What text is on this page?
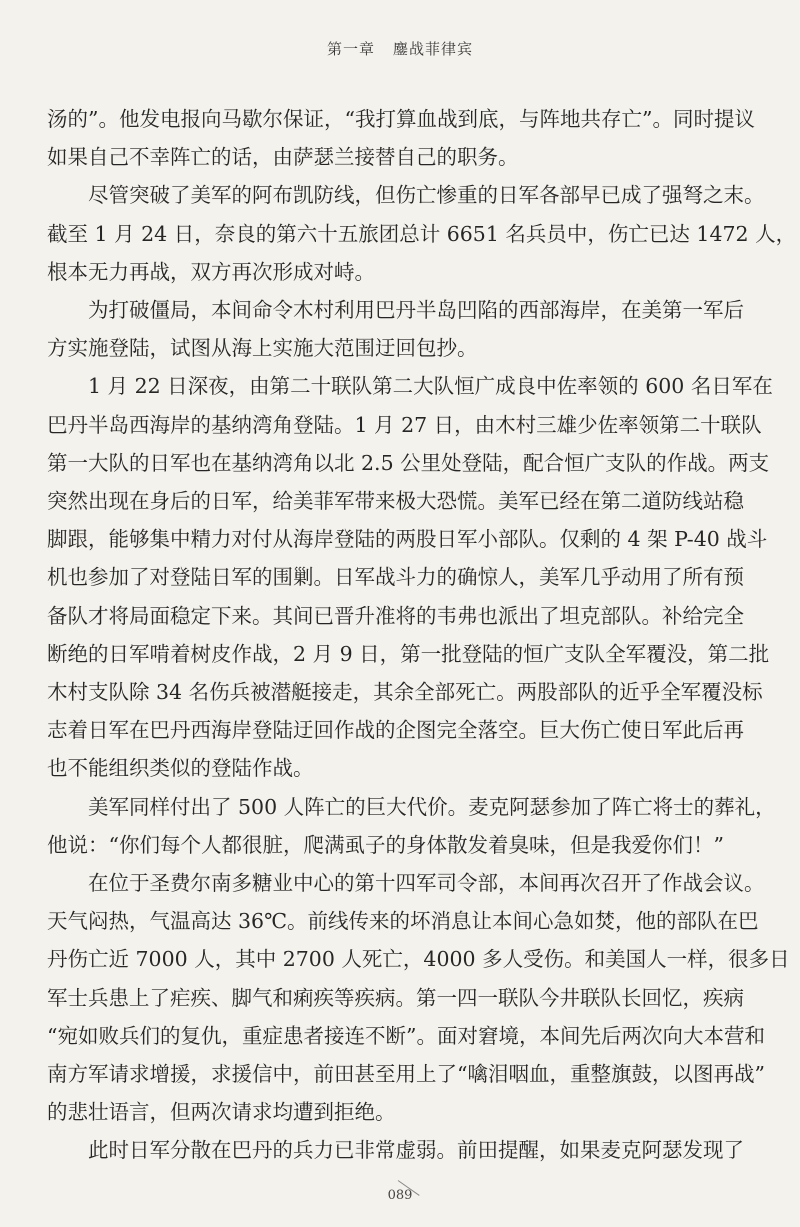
第一章 鏖战菲律宾
汤的”。他发电报向马歇尔保证，“我打算血战到底，与阵地共存亡”。同时提议
如果自己不幸阵亡的话，由萨瑟兰接替自己的职务。
尽管突破了美军的阿布凯防线，但伤亡惨重的日军各部早已成了强弩之末。
截至 1 月 24 日，奈良的第六十五旅团总计 6651 名兵员中，伤亡已达 1472 人，
根本无力再战，双方再次形成对峙。
为打破僵局，本间命令木村利用巴丹半岛凹陷的西部海岸，在美第一军后
方实施登陆，试图从海上实施大范围迂回包抄。
1 月 22 日深夜，由第二十联队第二大队恒广成良中佐率领的 600 名日军在
巴丹半岛西海岸的基纳湾角登陆。1 月 27 日，由木村三雄少佐率领第二十联队
第一大队的日军也在基纳湾角以北 2.5 公里处登陆，配合恒广支队的作战。两支
突然出现在身后的日军，给美菲军带来极大恐慌。美军已经在第二道防线站稳
脚跟，能够集中精力对付从海岸登陆的两股日军小部队。仅剩的 4 架 P-40 战斗
机也参加了对登陆日军的围剿。日军战斗力的确惊人，美军几乎动用了所有预
备队才将局面稳定下来。其间已晋升准将的韦弗也派出了坦克部队。补给完全
断绝的日军啃着树皮作战，2 月 9 日，第一批登陆的恒广支队全军覆没，第二批
木村支队除 34 名伤兵被潜艇接走，其余全部死亡。两股部队的近乎全军覆没标
志着日军在巴丹西海岸登陆迂回作战的企图完全落空。巨大伤亡使日军此后再
也不能组织类似的登陆作战。
美军同样付出了 500 人阵亡的巨大代价。麦克阿瑟参加了阵亡将士的葬礼，
他说：“你们每个人都很脏，爬满虱子的身体散发着臭味，但是我爱你们！”
在位于圣费尔南多糖业中心的第十四军司令部，本间再次召开了作战会议。
天气闷热，气温高达 36℃。前线传来的坏消息让本间心急如焚，他的部队在巴
丹伤亡近 7000 人，其中 2700 人死亡，4000 多人受伤。和美国人一样，很多日
军士兵患上了疟疾、脚气和痢疾等疾病。第一四一联队今井联队长回忆，疾病
“宛如败兵们的复仇，重症患者接连不断”。面对窘境，本间先后两次向大本营和
南方军请求增援，求援信中，前田甚至用上了“噙泪咽血，重整旗鼓，以图再战”
的悲壮语言，但两次请求均遭到拒绝。
此时日军分散在巴丹的兵力已非常虚弱。前田提醒，如果麦克阿瑟发现了
089
